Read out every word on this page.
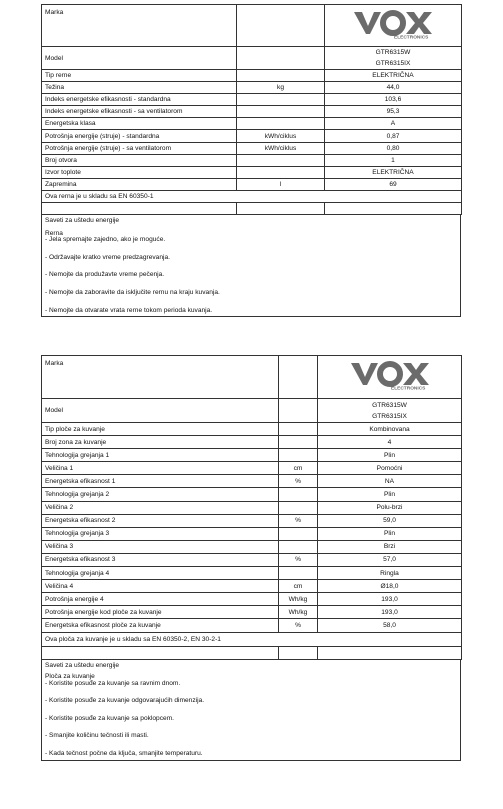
Marka		ELECTRONICS

Model		GTR6315W
GTR6315IX

Tip rerne		ELEKTRIČNA
Težina	kg	44,0
Indeks energetske efikasnosti - standardna		103,6
Indeks energetske efikasnosti - sa ventilatorom		95,3
Energetska klasa		A
Potrošnja energije (struje) - standardna	kWh/ciklus	0,87
Potrošnja energije (struje) - sa ventilatorom	kWh/ciklus	0,80
Broj otvora		1
Izvor toplote		ELEKTRIČNA
Zapremina	l	69
Ova rerna je u skladu sa EN 60350-1		

Saveti za uštedu energije
Rerna
- Jela spremajte zajedno, ako je moguće.
- Održavajte kratko vreme predzagrevanja.
- Nemojte da produžavte vreme pečenja.
- Nemojte da zaboravite da isključite rernu na kraju kuvanja.
- Nemojte da otvarate vrata rerne tokom perioda kuvanja.
Marka		ELECTRONICS

Model		GTR6315W
GTR6315IX

Tip ploče za kuvanje		Kombinovana
Broj zona za kuvanje		4
Tehnologija grejanja 1		Plin
Veličina 1	cm	Pomoćni
Energetska efikasnost 1	%	NA
Tehnologija grejanja 2		Plin
Veličina 2		Polu-brzi
Energetska efikasnost 2	%	59,0
Tehnologija grejanja 3		Plin
Veličina 3		Brzi
Energetska efikasnost 3	%	57,0
Tehnologija grejanja 4		Ringla
Veličina 4	cm	Ø18,0
Potrošnja energije 4	Wh/kg	193,0
Potrošnja energije kod ploče za kuvanje	Wh/kg	193,0
Energetska efikasnost ploče za kuvanje	%	58,0
Ova ploča za kuvanje je u skladu sa EN 60350-2, EN 30-2-1		

Saveti za uštedu energije
Ploča za kuvanje
- Koristite posuđe za kuvanje sa ravnim dnom.
- Koristite posuđe za kuvanje odgovarajućih dimenzija.
- Koristite posuđe za kuvanje sa poklopcem.
- Smanjite količinu tečnosti ili masti.
- Kada tečnost počne da ključa, smanjite temperaturu.
